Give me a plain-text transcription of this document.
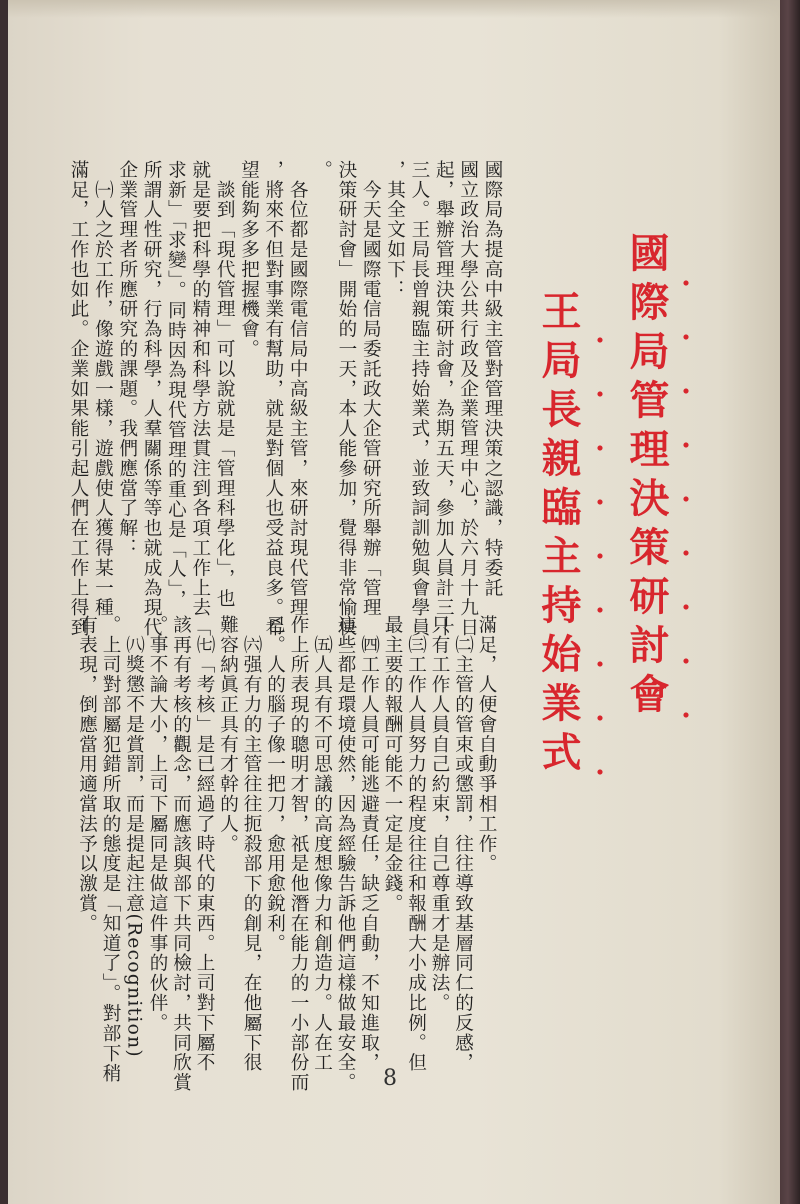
國際局管理決策研討會
王局長親臨主持始業式
國際局為提高中級主管對管理決策之認識，特委託
國立政治大學公共行政及企業管理中心，於六月十九日
起，舉辦管理決策研討會，為期五天，參加人員計三十
三人。王局長曾親臨主持始業式，並致詞訓勉與會學員
，其全文如下：
　今天是國際電信局委託政大企管研究所舉辦「管理
決策研討會」開始的一天，本人能參加，覺得非常愉快
。
　各位都是國際電信局中高級主管，來研討現代管理
，將來不但對事業有幫助，就是對個人也受益良多。希
望能夠多多把握機會。
　談到「現代管理」可以說就是「管理科學化」，也
就是要把科學的精神和科學方法貫注到各項工作上去「
求新」「求變」。同時因為現代管理的重心是「人」，
所謂人性研究，行為科學，人羣關係等等也就成為現代
企業管理者所應研究的課題。我們應當了解：
　㈠人之於工作，像遊戲一樣，遊戲使人獲得某一種
滿足，工作也如此。企業如果能引起人們在工作上得到
滿足，人便會自動爭相工作。
　㈡主管的管束或懲罰，往往導致基層同仁的反感，
只有工作人員自己約束，自己尊重才是辦法。
　㈢工作人員努力的程度往往和報酬大小成比例。但
最主要的報酬可能不一定是金錢。
　㈣工作人員可能逃避責任，缺乏自動，不知進取，
這些都是環境使然，因為經驗告訴他們這樣做最安全。
　㈤人具有不可思議的高度想像力和創造力。人在工
作上所表現的聰明才智，祇是他潛在能力的一小部份而
已。人的腦子像一把刀，愈用愈銳利。
　㈥强有力的主管往往扼殺部下的創見，在他屬下很
難容納眞正具有才幹的人。
　㈦「考核」是已經過了時代的東西。上司對下屬不
該再有考核的觀念，而應該與部下共同檢討，共同欣賞
。事不論大小，上司下屬同是做這件事的伙伴。
　㈧獎懲不是賞罰，而是提起注意(Recognition)
。上司對部屬犯錯所取的態度是「知道了」。對部下稍
有表現，倒應當用適當法予以激賞。
8
